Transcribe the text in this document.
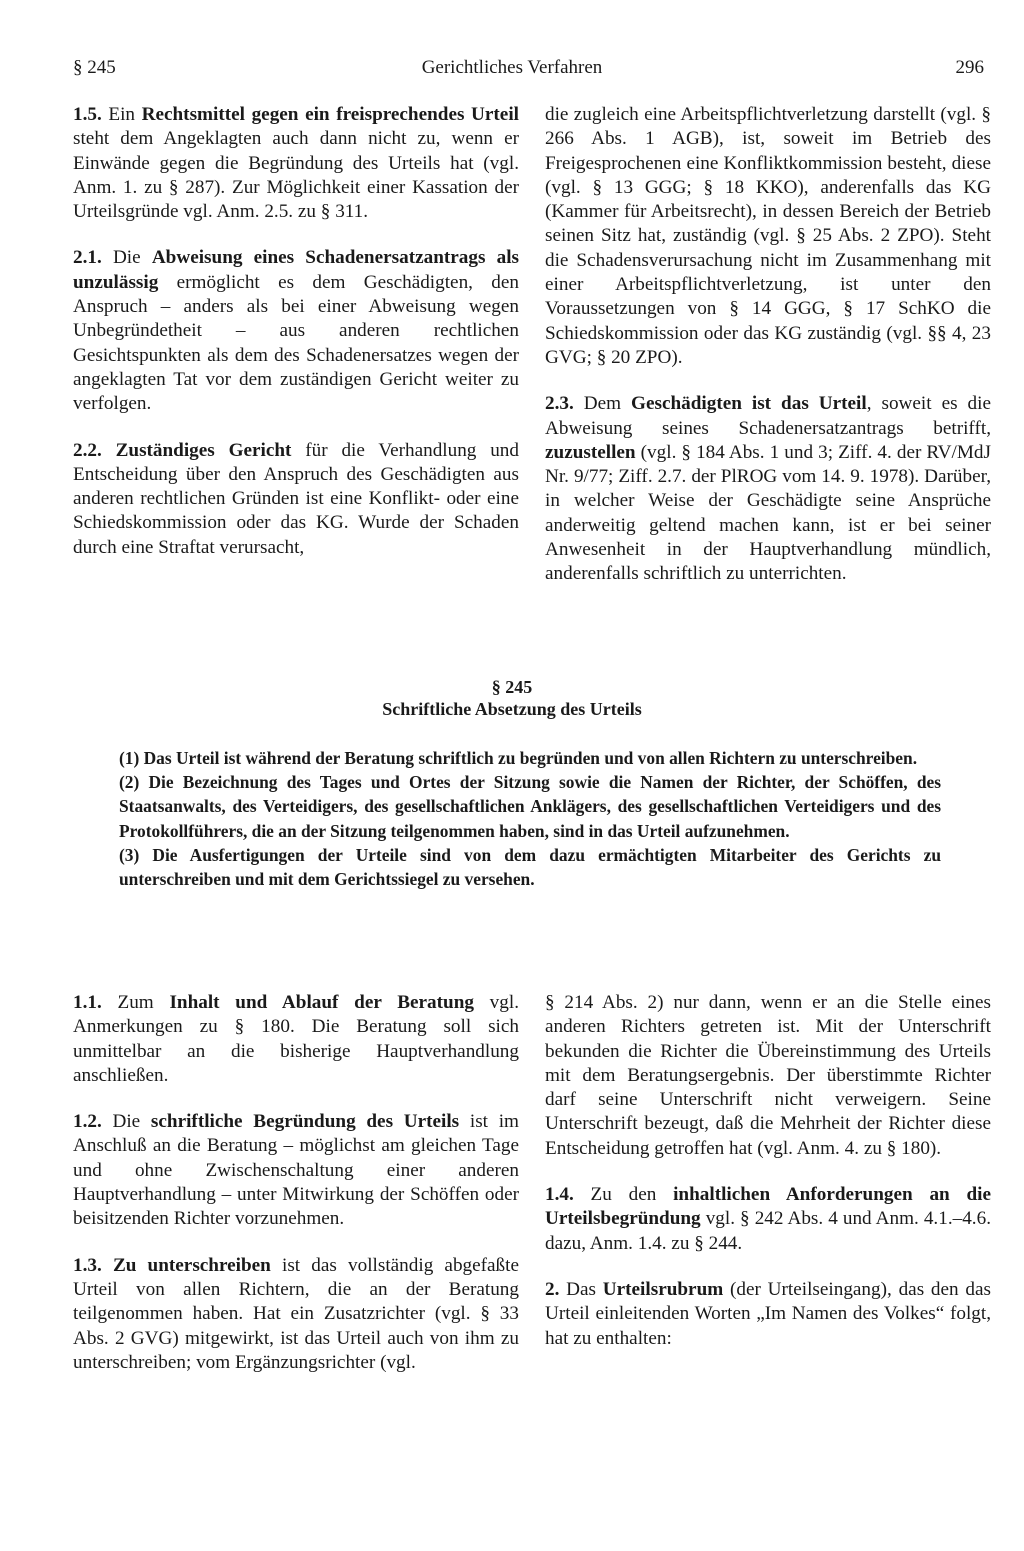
§ 245	Gerichtliches Verfahren	296

1.5. Ein Rechtsmittel gegen ein freisprechendes Urteil steht dem Angeklagten auch dann nicht zu, wenn er Einwände gegen die Begründung des Urteils hat (vgl. Anm. 1. zu § 287). Zur Möglichkeit einer Kassation der Urteilsgründe vgl. Anm. 2.5. zu § 311.

2.1. Die Abweisung eines Schadenersatzantrags als unzulässig ermöglicht es dem Geschädigten, den Anspruch – anders als bei einer Abweisung wegen Unbegründetheit – aus anderen rechtlichen Gesichtspunkten als dem des Schadenersatzes wegen der angeklagten Tat vor dem zuständigen Gericht weiter zu verfolgen.

2.2. Zuständiges Gericht für die Verhandlung und Entscheidung über den Anspruch des Geschädigten aus anderen rechtlichen Gründen ist eine Konflikt- oder eine Schiedskommission oder das KG. Wurde der Schaden durch eine Straftat verursacht,

die zugleich eine Arbeitspflichtverletzung darstellt (vgl. § 266 Abs. 1 AGB), ist, soweit im Betrieb des Freigesprochenen eine Konfliktkommission besteht, diese (vgl. § 13 GGG; § 18 KKO), anderenfalls das KG (Kammer für Arbeitsrecht), in dessen Bereich der Betrieb seinen Sitz hat, zuständig (vgl. § 25 Abs. 2 ZPO). Steht die Schadensverursachung nicht im Zusammenhang mit einer Arbeitspflichtverletzung, ist unter den Voraussetzungen von § 14 GGG, § 17 SchKO die Schiedskommission oder das KG zuständig (vgl. §§ 4, 23 GVG; § 20 ZPO).

2.3. Dem Geschädigten ist das Urteil, soweit es die Abweisung seines Schadenersatzantrags betrifft, zuzustellen (vgl. § 184 Abs. 1 und 3; Ziff. 4. der RV/MdJ Nr. 9/77; Ziff. 2.7. der PlROG vom 14. 9. 1978). Darüber, in welcher Weise der Geschädigte seine Ansprüche anderweitig geltend machen kann, ist er bei seiner Anwesenheit in der Hauptverhandlung mündlich, anderenfalls schriftlich zu unterrichten.

§ 245
Schriftliche Absetzung des Urteils

(1) Das Urteil ist während der Beratung schriftlich zu begründen und von allen Richtern zu unterschreiben.

(2) Die Bezeichnung des Tages und Ortes der Sitzung sowie die Namen der Richter, der Schöffen, des Staatsanwalts, des Verteidigers, des gesellschaftlichen Anklägers, des gesellschaftlichen Verteidigers und des Protokollführers, die an der Sitzung teilgenommen haben, sind in das Urteil aufzunehmen.

(3) Die Ausfertigungen der Urteile sind von dem dazu ermächtigten Mitarbeiter des Gerichts zu unterschreiben und mit dem Gerichtssiegel zu versehen.

1.1. Zum Inhalt und Ablauf der Beratung vgl. Anmerkungen zu § 180. Die Beratung soll sich unmittelbar an die bisherige Hauptverhandlung anschließen.

1.2. Die schriftliche Begründung des Urteils ist im Anschluß an die Beratung – möglichst am gleichen Tage und ohne Zwischenschaltung einer anderen Hauptverhandlung – unter Mitwirkung der Schöffen oder beisitzenden Richter vorzunehmen.

1.3. Zu unterschreiben ist das vollständig abgefaßte Urteil von allen Richtern, die an der Beratung teilgenommen haben. Hat ein Zusatzrichter (vgl. § 33 Abs. 2 GVG) mitgewirkt, ist das Urteil auch von ihm zu unterschreiben; vom Ergänzungsrichter (vgl.

§ 214 Abs. 2) nur dann, wenn er an die Stelle eines anderen Richters getreten ist. Mit der Unterschrift bekunden die Richter die Übereinstimmung des Urteils mit dem Beratungsergebnis. Der überstimmte Richter darf seine Unterschrift nicht verweigern. Seine Unterschrift bezeugt, daß die Mehrheit der Richter diese Entscheidung getroffen hat (vgl. Anm. 4. zu § 180).

1.4. Zu den inhaltlichen Anforderungen an die Urteilsbegründung vgl. § 242 Abs. 4 und Anm. 4.1.–4.6. dazu, Anm. 1.4. zu § 244.

2. Das Urteilsrubrum (der Urteilseingang), das den das Urteil einleitenden Worten „Im Namen des Volkes“ folgt, hat zu enthalten:
